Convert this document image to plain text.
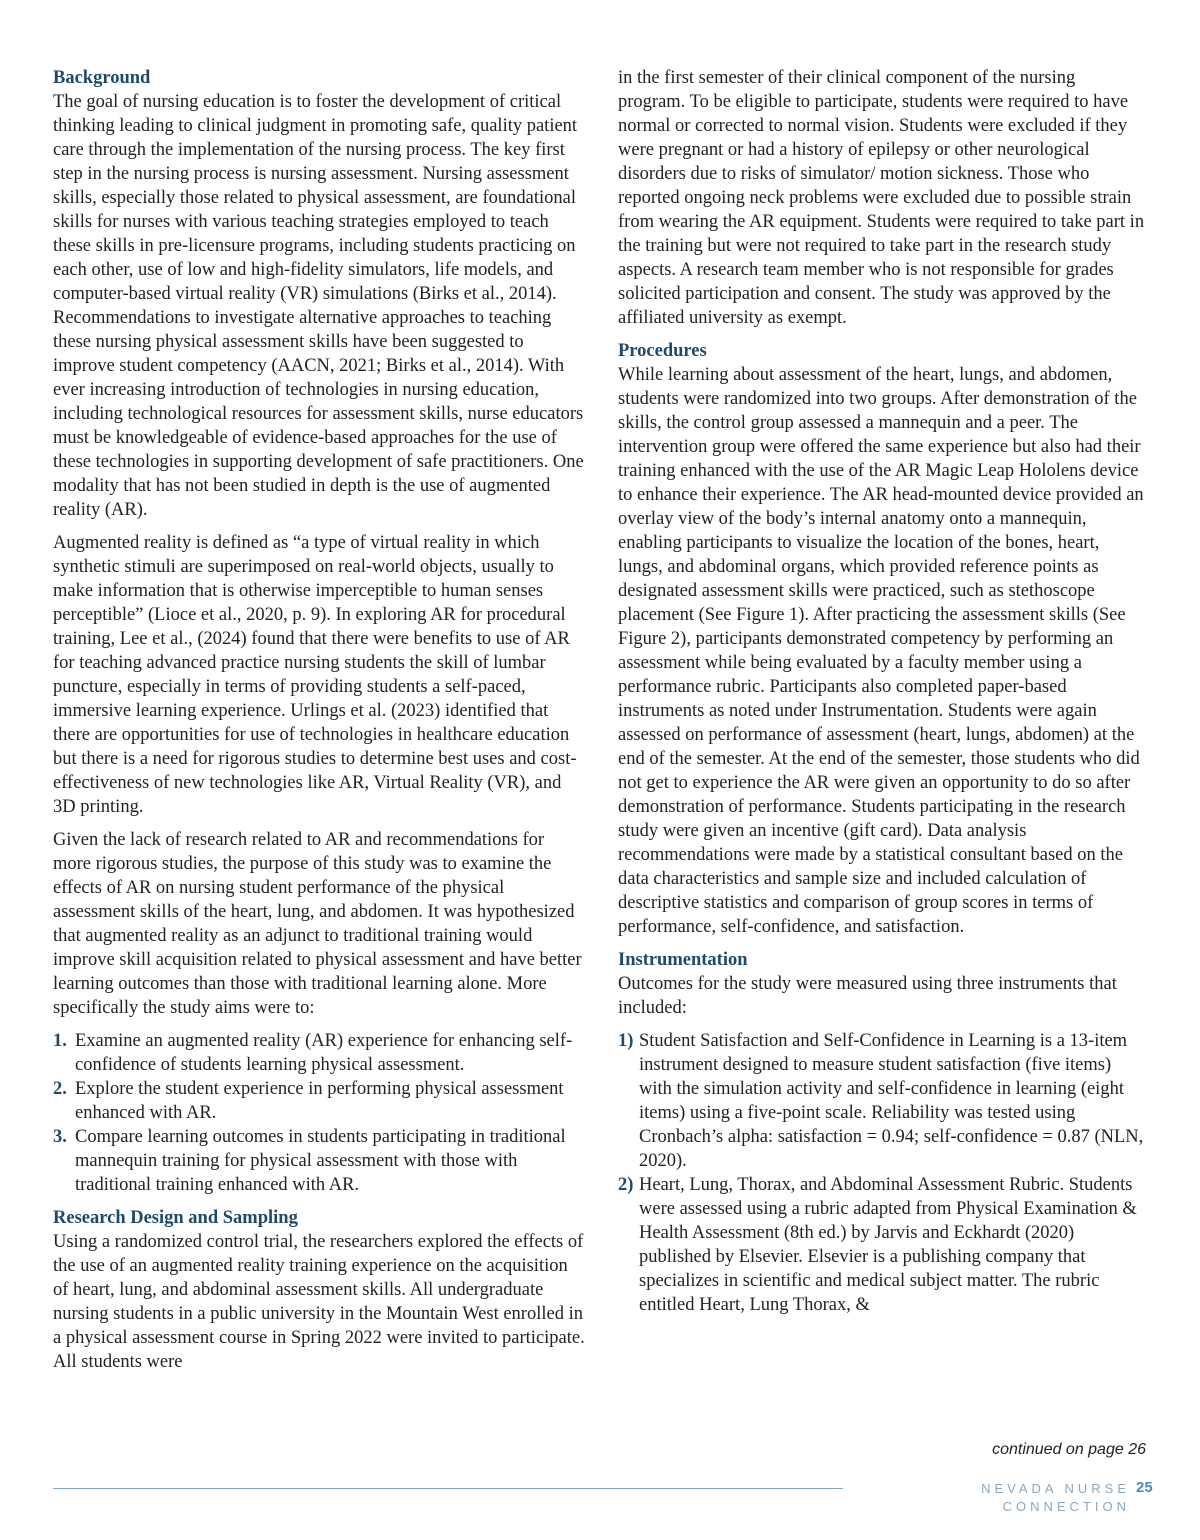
Background

The goal of nursing education is to foster the development of critical thinking leading to clinical judgment in promoting safe, quality patient care through the implementation of the nursing process. The key first step in the nursing process is nursing assessment. Nursing assessment skills, especially those related to physical assessment, are foundational skills for nurses with various teaching strategies employed to teach these skills in pre-licensure programs, including students practicing on each other, use of low and high-fidelity simulators, life models, and computer-based virtual reality (VR) simulations (Birks et al., 2014). Recommendations to investigate alternative approaches to teaching these nursing physical assessment skills have been suggested to improve student competency (AACN, 2021; Birks et al., 2014). With ever increasing introduction of technologies in nursing education, including technological resources for assessment skills, nurse educators must be knowledgeable of evidence-based approaches for the use of these technologies in supporting development of safe practitioners. One modality that has not been studied in depth is the use of augmented reality (AR).

Augmented reality is defined as “a type of virtual reality in which synthetic stimuli are superimposed on real-world objects, usually to make information that is otherwise imperceptible to human senses perceptible” (Lioce et al., 2020, p. 9). In exploring AR for procedural training, Lee et al., (2024) found that there were benefits to use of AR for teaching advanced practice nursing students the skill of lumbar puncture, especially in terms of providing students a self-paced, immersive learning experience. Urlings et al. (2023) identified that there are opportunities for use of technologies in healthcare education but there is a need for rigorous studies to determine best uses and cost-effectiveness of new technologies like AR, Virtual Reality (VR), and 3D printing.

Given the lack of research related to AR and recommendations for more rigorous studies, the purpose of this study was to examine the effects of AR on nursing student performance of the physical assessment skills of the heart, lung, and abdomen. It was hypothesized that augmented reality as an adjunct to traditional training would improve skill acquisition related to physical assessment and have better learning outcomes than those with traditional learning alone. More specifically the study aims were to:

1. Examine an augmented reality (AR) experience for enhancing self-confidence of students learning physical assessment.
2. Explore the student experience in performing physical assessment enhanced with AR.
3. Compare learning outcomes in students participating in traditional mannequin training for physical assessment with those with traditional training enhanced with AR.
Research Design and Sampling

Using a randomized control trial, the researchers explored the effects of the use of an augmented reality training experience on the acquisition of heart, lung, and abdominal assessment skills. All undergraduate nursing students in a public university in the Mountain West enrolled in a physical assessment course in Spring 2022 were invited to participate. All students were

in the first semester of their clinical component of the nursing program. To be eligible to participate, students were required to have normal or corrected to normal vision. Students were excluded if they were pregnant or had a history of epilepsy or other neurological disorders due to risks of simulator/ motion sickness. Those who reported ongoing neck problems were excluded due to possible strain from wearing the AR equipment. Students were required to take part in the training but were not required to take part in the research study aspects. A research team member who is not responsible for grades solicited participation and consent. The study was approved by the affiliated university as exempt.

Procedures

While learning about assessment of the heart, lungs, and abdomen, students were randomized into two groups. After demonstration of the skills, the control group assessed a mannequin and a peer. The intervention group were offered the same experience but also had their training enhanced with the use of the AR Magic Leap Hololens device to enhance their experience. The AR head-mounted device provided an overlay view of the body’s internal anatomy onto a mannequin, enabling participants to visualize the location of the bones, heart, lungs, and abdominal organs, which provided reference points as designated assessment skills were practiced, such as stethoscope placement (See Figure 1). After practicing the assessment skills (See Figure 2), participants demonstrated competency by performing an assessment while being evaluated by a faculty member using a performance rubric. Participants also completed paper-based instruments as noted under Instrumentation. Students were again assessed on performance of assessment (heart, lungs, abdomen) at the end of the semester. At the end of the semester, those students who did not get to experience the AR were given an opportunity to do so after demonstration of performance. Students participating in the research study were given an incentive (gift card). Data analysis recommendations were made by a statistical consultant based on the data characteristics and sample size and included calculation of descriptive statistics and comparison of group scores in terms of performance, self-confidence, and satisfaction.

Instrumentation

Outcomes for the study were measured using three instruments that included:

1) Student Satisfaction and Self-Confidence in Learning is a 13-item instrument designed to measure student satisfaction (five items) with the simulation activity and self-confidence in learning (eight items) using a five-point scale. Reliability was tested using Cronbach’s alpha: satisfaction = 0.94; self-confidence = 0.87 (NLN, 2020).
2) Heart, Lung, Thorax, and Abdominal Assessment Rubric. Students were assessed using a rubric adapted from Physical Examination & Health Assessment (8th ed.) by Jarvis and Eckhardt (2020) published by Elsevier. Elsevier is a publishing company that specializes in scientific and medical subject matter. The rubric entitled Heart, Lung Thorax, &
continued on page 26
NEVADA NURSE CONNECTION
25
